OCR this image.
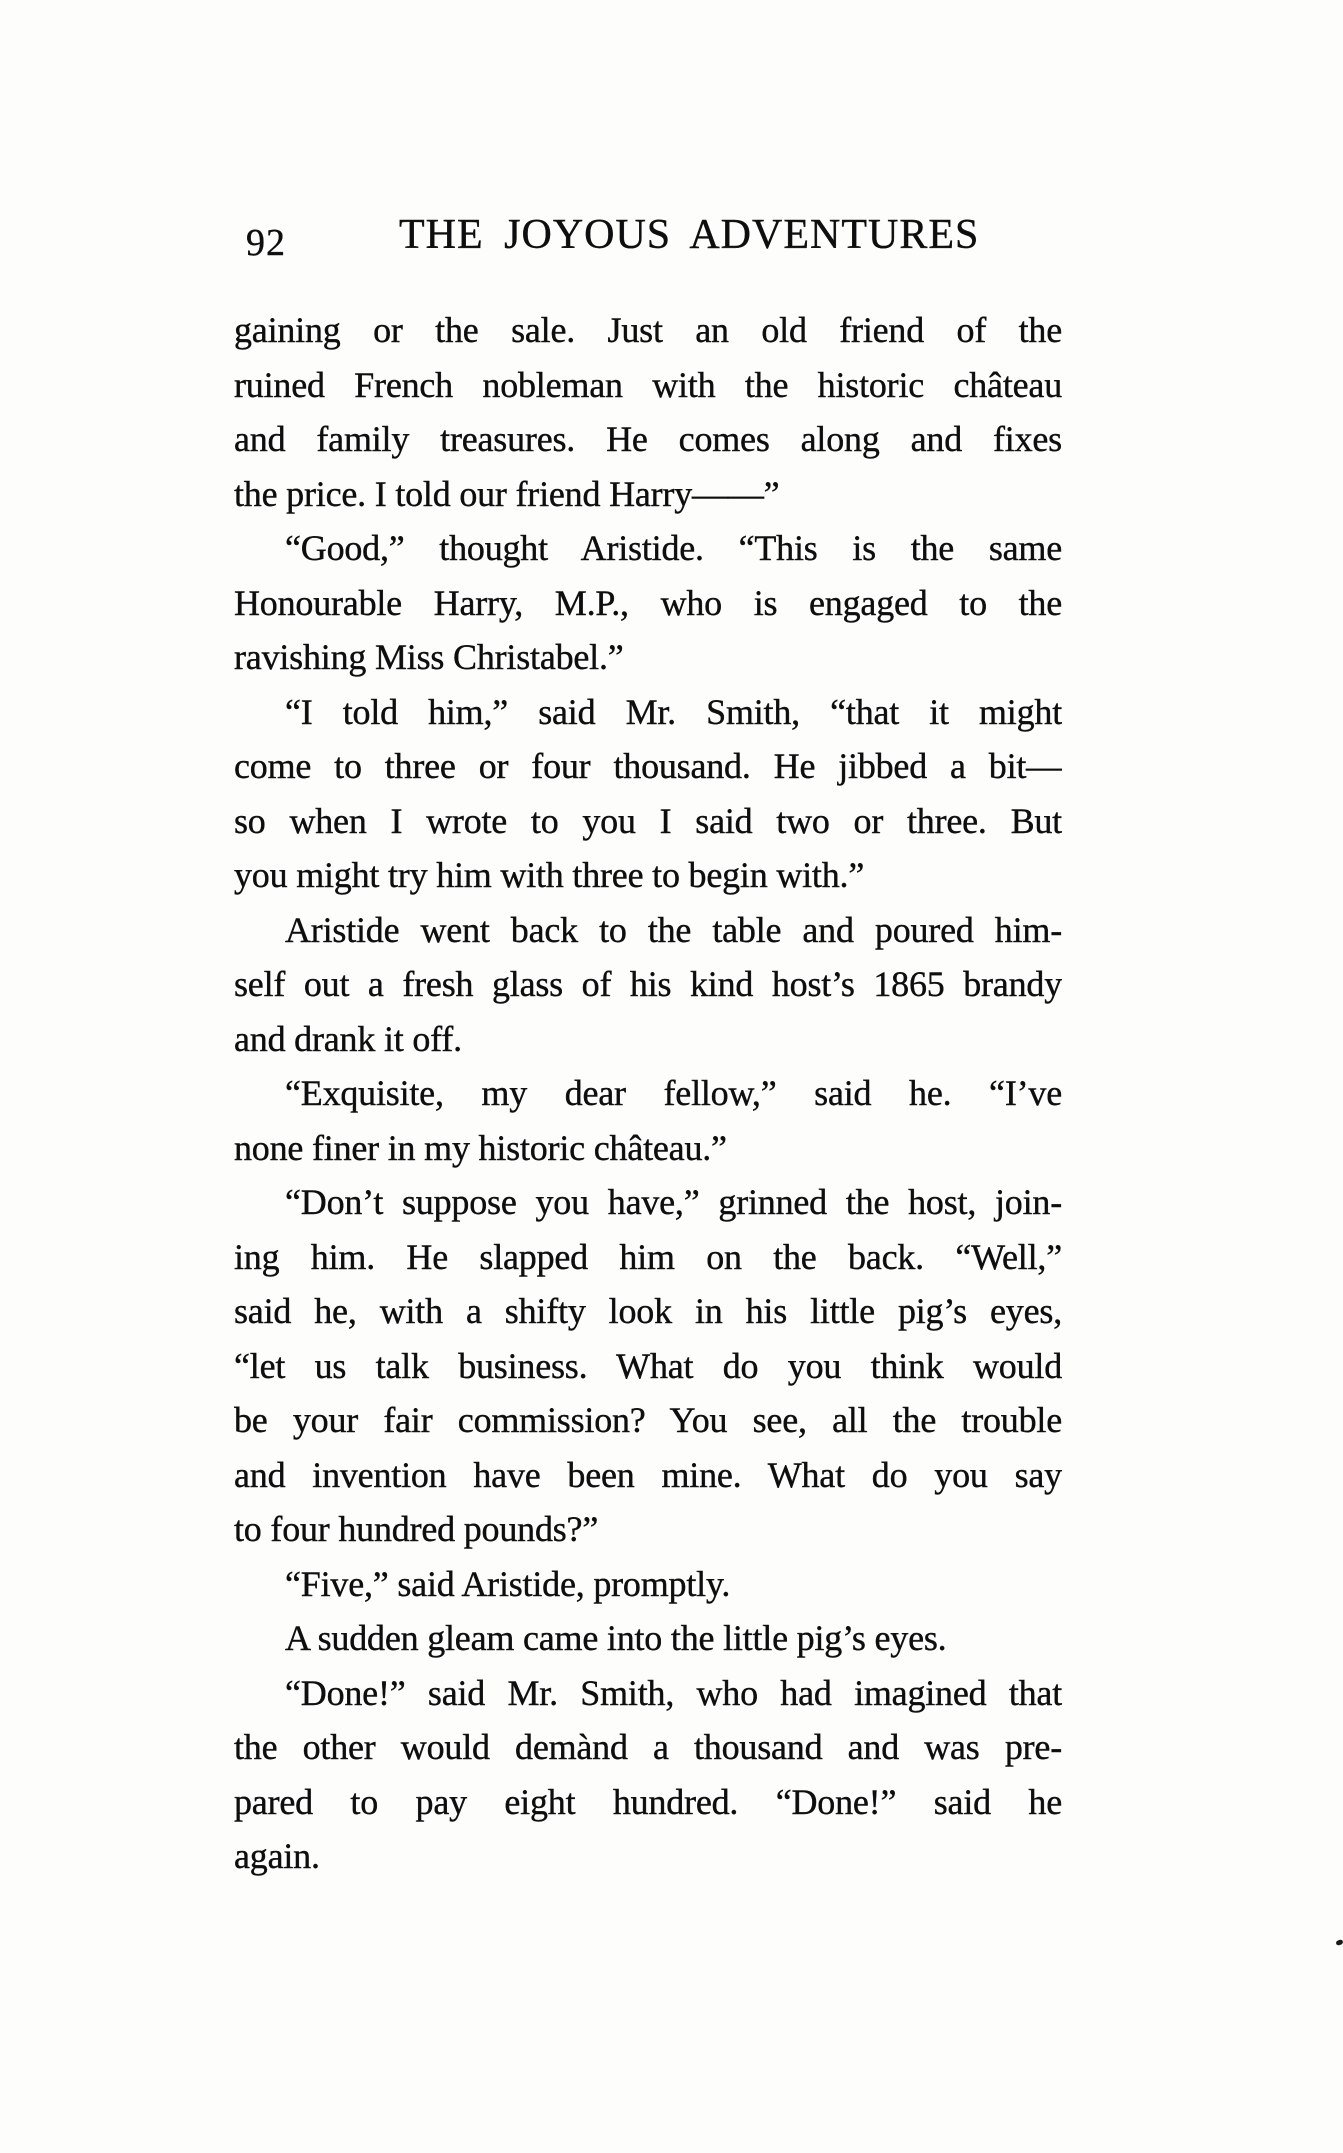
92	THE JOYOUS ADVENTURES
gaining or the sale. Just an old friend of the
ruined French nobleman with the historic château
and family treasures. He comes along and fixes
the price. I told our friend Harry——”
“Good,” thought Aristide. “This is the same
Honourable Harry, M.P., who is engaged to the
ravishing Miss Christabel.”
“I told him,” said Mr. Smith, “that it might
come to three or four thousand. He jibbed a bit—
so when I wrote to you I said two or three. But
you might try him with three to begin with.”
Aristide went back to the table and poured him-
self out a fresh glass of his kind host’s 1865 brandy
and drank it off.
“Exquisite, my dear fellow,” said he. “I’ve
none finer in my historic château.”
“Don’t suppose you have,” grinned the host, join-
ing him. He slapped him on the back. “Well,”
said he, with a shifty look in his little pig’s eyes,
“let us talk business. What do you think would
be your fair commission? You see, all the trouble
and invention have been mine. What do you say
to four hundred pounds?”
“Five,” said Aristide, promptly.
A sudden gleam came into the little pig’s eyes.
“Done!” said Mr. Smith, who had imagined that
the other would demànd a thousand and was pre-
pared to pay eight hundred. “Done!” said he
again.
